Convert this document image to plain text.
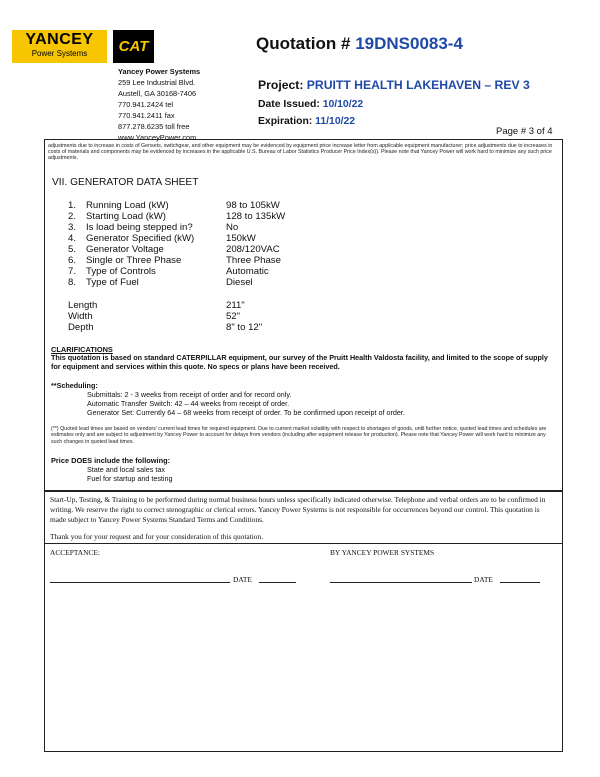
YANCEY
Power Systems	CAT
Yancey Power Systems
259 Lee Industrial Blvd.
Austell, GA 30168-7406
770.941.2424 tel
770.941.2411 fax
877.278.6235 toll free
www.YanceyPower.com
Quotation # 19DNS0083-4
Project: PRUITT HEALTH LAKEHAVEN – REV 3
Date Issued: 10/10/22
Expiration: 11/10/22
Page # 3 of 4
adjustments due to increase in costs of Gensets, switchgear, and other equipment may be evidenced by equipment price increase letter from applicable equipment manufacturer; price adjustments due to increases in costs of materials and components may be evidenced by increases in the applicable U.S. Bureau of Labor Statistics Producer Price Index(s)). Please note that Yancey Power will work hard to minimize any such price adjustments.
VII. GENERATOR DATA SHEET
1.	Running Load (kW)	98 to 105kW
2.	Starting Load (kW)	128 to 135kW
3.	Is load being stepped in?	No
4.	Generator Specified (kW)	150kW
5.	Generator Voltage	208/120VAC
6.	Single or Three Phase	Three Phase
7.	Type of Controls	Automatic
8.	Type of Fuel	Diesel
Length	211"
Width	52"
Depth	8" to 12"
CLARIFICATIONS
This quotation is based on standard CATERPILLAR equipment, our survey of the Pruitt Health Valdosta facility, and limited to the scope of supply for equipment and services within this quote. No specs or plans have been received.
**Scheduling:
Submittals: 2 - 3 weeks from receipt of order and for record only.
Automatic Transfer Switch: 42 – 44 weeks from receipt of order.
Generator Set: Currently 64 – 68 weeks from receipt of order. To be confirmed upon receipt of order.
(**) Quoted lead times are based on vendors' current lead times for required equipment. Due to current market volatility with respect to shortages of goods, until further notice, quoted lead times and schedules are estimates only and are subject to adjustment by Yancey Power to account for delays from vendors (including after equipment release for production). Please note that Yancey Power will work hard to minimize any such changes in quoted lead times.
Price DOES include the following:
State and local sales tax
Fuel for startup and testing
Start-Up, Testing, & Training to be performed during normal business hours unless specifically indicated otherwise. Telephone and verbal orders are to be confirmed in writing. We reserve the right to correct stenographic or clerical errors. Yancey Power Systems is not responsible for occurrences beyond our control. This quotation is made subject to Yancey Power Systems Standard Terms and Conditions.
Thank you for your request and for your consideration of this quotation.
ACCEPTANCE:	BY YANCEY POWER SYSTEMS
DATE	DATE
